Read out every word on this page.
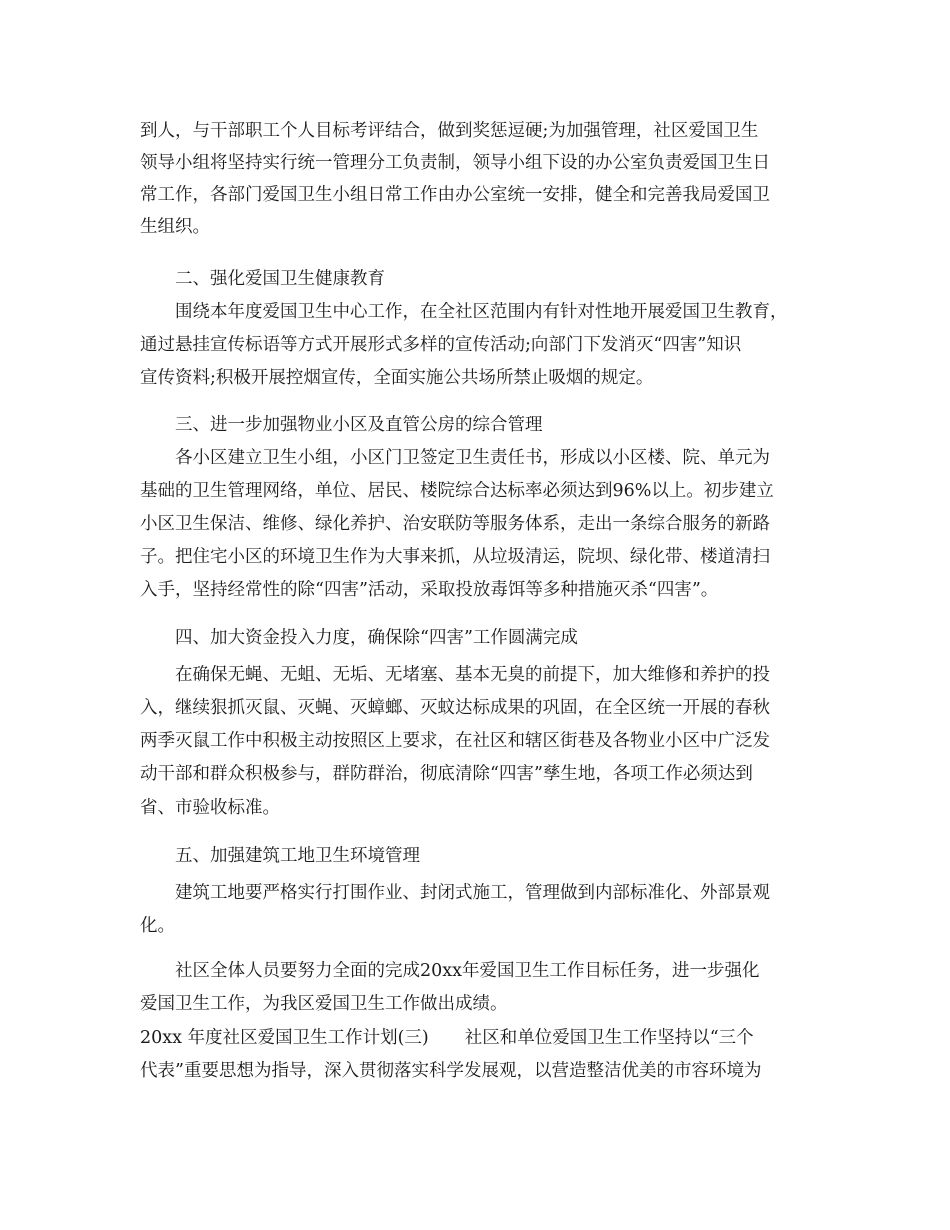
到人，与干部职工个人目标考评结合，做到奖惩逗硬;为加强管理，社区爱国卫生
领导小组将坚持实行统一管理分工负责制，领导小组下设的办公室负责爱国卫生日
常工作，各部门爱国卫生小组日常工作由办公室统一安排，健全和完善我局爱国卫
生组织。
二、强化爱国卫生健康教育
围绕本年度爱国卫生中心工作，在全社区范围内有针对性地开展爱国卫生教育，
通过悬挂宣传标语等方式开展形式多样的宣传活动;向部门下发消灭“四害”知识
宣传资料;积极开展控烟宣传，全面实施公共场所禁止吸烟的规定。
三、进一步加强物业小区及直管公房的综合管理
各小区建立卫生小组，小区门卫签定卫生责任书，形成以小区楼、院、单元为
基础的卫生管理网络，单位、居民、楼院综合达标率必须达到96%以上。初步建立
小区卫生保洁、维修、绿化养护、治安联防等服务体系，走出一条综合服务的新路
子。把住宅小区的环境卫生作为大事来抓，从垃圾清运，院坝、绿化带、楼道清扫
入手，坚持经常性的除“四害”活动，采取投放毒饵等多种措施灭杀“四害”。
四、加大资金投入力度，确保除“四害”工作圆满完成
在确保无蝇、无蛆、无垢、无堵塞、基本无臭的前提下，加大维修和养护的投
入，继续狠抓灭鼠、灭蝇、灭蟑螂、灭蚊达标成果的巩固，在全区统一开展的春秋
两季灭鼠工作中积极主动按照区上要求，在社区和辖区街巷及各物业小区中广泛发
动干部和群众积极参与，群防群治，彻底清除“四害”孳生地，各项工作必须达到
省、市验收标准。
五、加强建筑工地卫生环境管理
建筑工地要严格实行打围作业、封闭式施工，管理做到内部标准化、外部景观
化。
社区全体人员要努力全面的完成20xx年爱国卫生工作目标任务，进一步强化
爱国卫生工作，为我区爱国卫生工作做出成绩。
20xx 年度社区爱国卫生工作计划(三) 社区和单位爱国卫生工作坚持以“三个
代表”重要思想为指导，深入贯彻落实科学发展观，以营造整洁优美的市容环境为
